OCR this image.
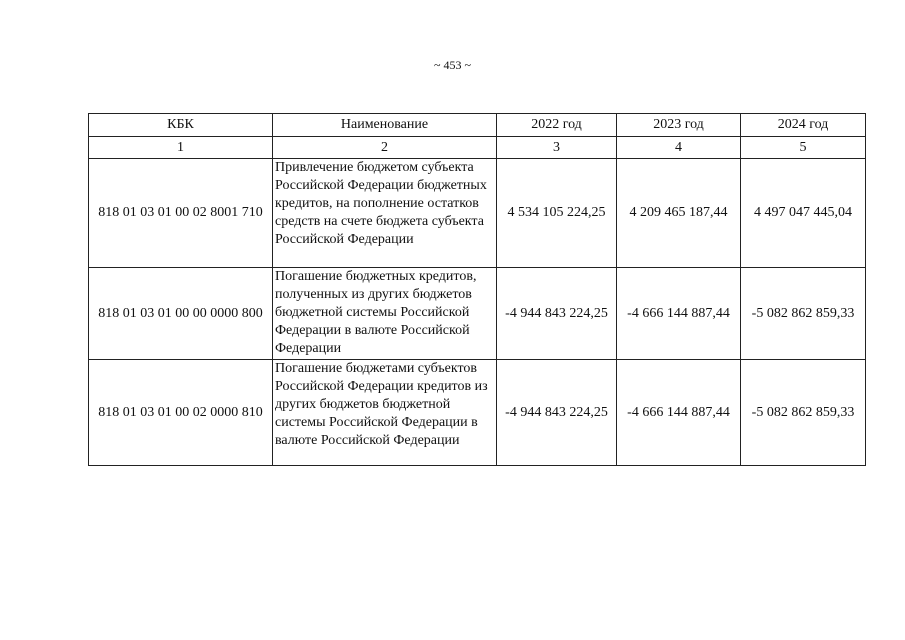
~ 453 ~
КБК	Наименование	2022 год	2023 год	2024 год
1	2	3	4	5
818 01 03 01 00 02 8001 710	Привлечение бюджетом субъекта Российской Федерации бюджетных кредитов, на пополнение остатков средств на счете бюджета субъекта Российской Федерации	4 534 105 224,25	4 209 465 187,44	4 497 047 445,04
818 01 03 01 00 00 0000 800	Погашение бюджетных кредитов, полученных из других бюджетов бюджетной системы Российской Федерации в валюте Российской Федерации	-4 944 843 224,25	-4 666 144 887,44	-5 082 862 859,33
818 01 03 01 00 02 0000 810	Погашение бюджетами субъектов Российской Федерации кредитов из других бюджетов бюджетной системы Российской Федерации в валюте Российской Федерации	-4 944 843 224,25	-4 666 144 887,44	-5 082 862 859,33
